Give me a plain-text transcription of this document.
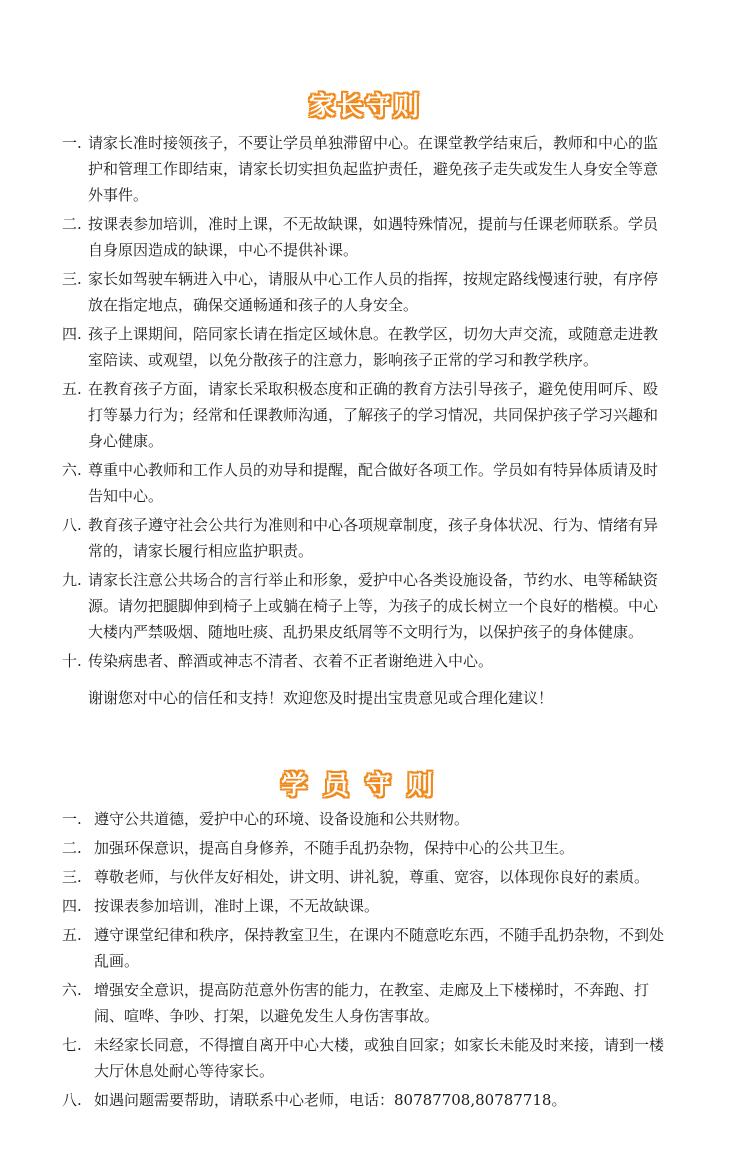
家长守则
一. 请家长准时接领孩子，不要让学员单独滞留中心。在课堂教学结束后，教师和中心的监护和管理工作即结束，请家长切实担负起监护责任，避免孩子走失或发生人身安全等意外事件。
二. 按课表参加培训，准时上课，不无故缺课，如遇特殊情况，提前与任课老师联系。学员自身原因造成的缺课，中心不提供补课。
三. 家长如驾驶车辆进入中心，请服从中心工作人员的指挥，按规定路线慢速行驶，有序停放在指定地点，确保交通畅通和孩子的人身安全。
四. 孩子上课期间，陪同家长请在指定区域休息。在教学区，切勿大声交流，或随意走进教室陪读、或观望，以免分散孩子的注意力，影响孩子正常的学习和教学秩序。
五. 在教育孩子方面，请家长采取积极态度和正确的教育方法引导孩子，避免使用呵斥、殴打等暴力行为；经常和任课教师沟通，了解孩子的学习情况，共同保护孩子学习兴趣和身心健康。
六. 尊重中心教师和工作人员的劝导和提醒，配合做好各项工作。学员如有特异体质请及时告知中心。
八. 教育孩子遵守社会公共行为准则和中心各项规章制度，孩子身体状况、行为、情绪有异常的，请家长履行相应监护职责。
九. 请家长注意公共场合的言行举止和形象，爱护中心各类设施设备，节约水、电等稀缺资源。请勿把腿脚伸到椅子上或躺在椅子上等，为孩子的成长树立一个良好的楷模。中心大楼内严禁吸烟、随地吐痰、乱扔果皮纸屑等不文明行为，以保护孩子的身体健康。
十. 传染病患者、醉酒或神志不清者、衣着不正者谢绝进入中心。
谢谢您对中心的信任和支持！欢迎您及时提出宝贵意见或合理化建议！
学员守则
一. 遵守公共道德，爱护中心的环境、设备设施和公共财物。
二. 加强环保意识，提高自身修养，不随手乱扔杂物，保持中心的公共卫生。
三. 尊敬老师，与伙伴友好相处，讲文明、讲礼貌，尊重、宽容，以体现你良好的素质。
四. 按课表参加培训，准时上课，不无故缺课。
五. 遵守课堂纪律和秩序，保持教室卫生，在课内不随意吃东西，不随手乱扔杂物，不到处乱画。
六. 增强安全意识，提高防范意外伤害的能力，在教室、走廊及上下楼梯时，不奔跑、打闹、喧哗、争吵、打架，以避免发生人身伤害事故。
七. 未经家长同意，不得擅自离开中心大楼，或独自回家；如家长未能及时来接，请到一楼大厅休息处耐心等待家长。
八. 如遇问题需要帮助，请联系中心老师，电话：80787708,80787718。
